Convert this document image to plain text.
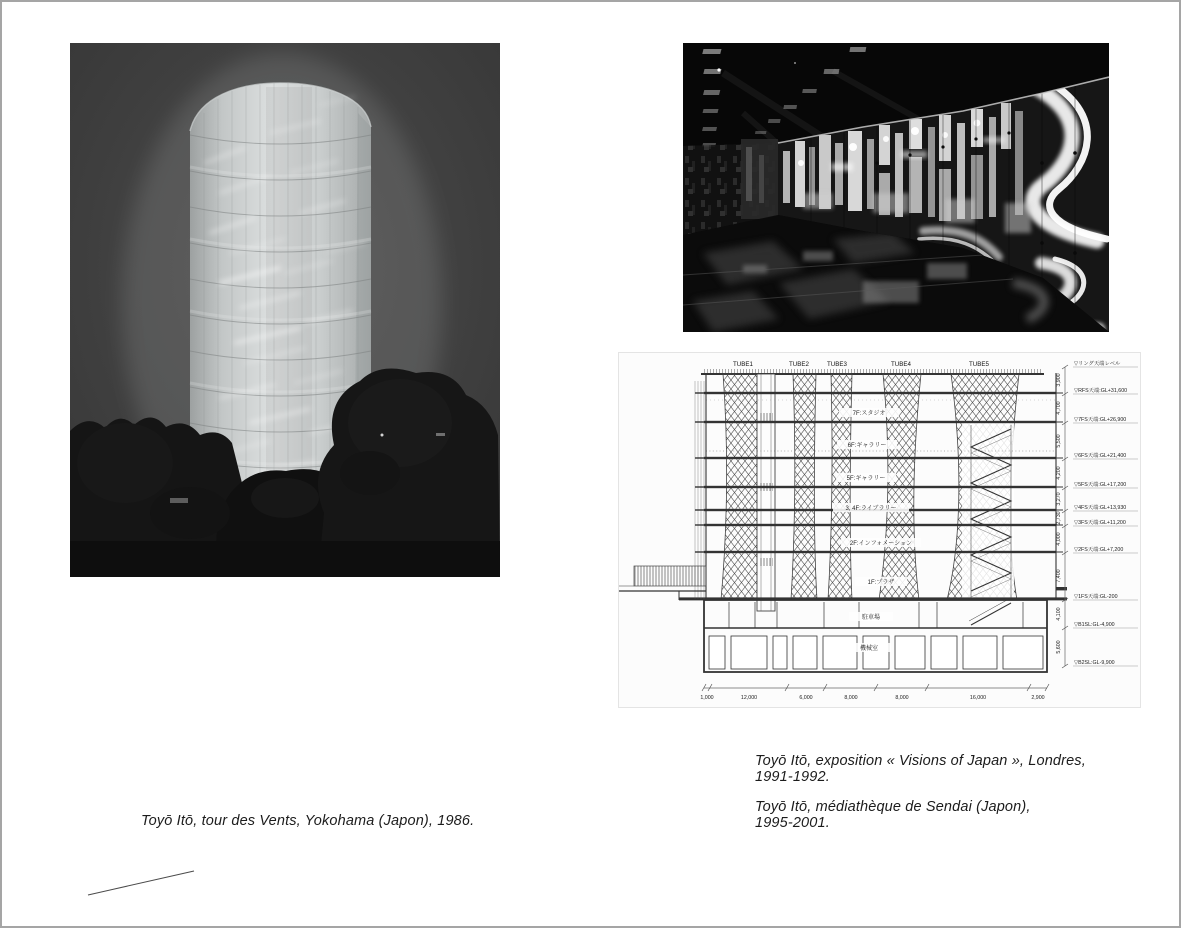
TUBE1	TUBE2	TUBE3	TUBE4	TUBE5
7F:スタジオ
6F:ギャラリー
5F:ギャラリー
3, 4F:ライブラリー
2F:インフォメーション
1F:プラザ
駐車場
機械室
▽リング天端レベル
▽RFS天端:GL+31,600
▽7FS天端:GL+26,900
▽6FS天端:GL+21,400
▽5FS天端:GL+17,200
▽4FS天端:GL+13,930
▽3FS天端:GL+11,200
▽2FS天端:GL+7,200
▽1FS天端:GL-200
▽B1SL:GL-4,900
▽B2SL:GL-9,900
3,900
4,700
5,500
4,200
3,270
2,730
4,000
7,400
4,100
5,600
1,000	12,000	6,000	8,000	8,000	16,000	2,900
Toyō Itō, tour des Vents, Yokohama (Japon), 1986.

Toyō Itō, exposition « Visions of Japan », Londres,
1991-1992.

Toyō Itō, médiathèque de Sendai (Japon),
1995-2001.
